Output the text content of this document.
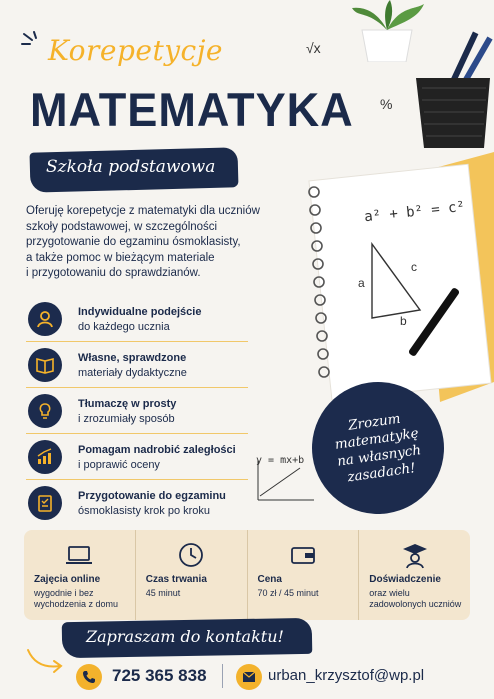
a² + b² = c²
a
c
b
√x
%
y = mx+b
Zrozum
matematykę
na własnych
zasadach!
Korepetycje
MATEMATYKA
Szkoła podstawowa

Oferuję korepetycje z matematyki dla uczniów

szkoły podstawowej, w szczególności

przygotowanie do egzaminu ósmoklasisty,

a także pomoc w bieżącym materiale

i przygotowaniu do sprawdzianów.

Indywidualne podejście
do każdego ucznia
Własne, sprawdzone
materiały dydaktyczne
Tłumaczę w prosty
i zrozumiały sposób
Pomagam nadrobić zaległości
i poprawić oceny
Przygotowanie do egzaminu
ósmoklasisty krok po kroku
Zajęcia online
wygodnie i bez
wychodzenia z domu
Czas trwania
45 minut
Cena
70 zł / 45 minut
Doświadczenie
oraz wielu
zadowolonych uczniów
Zapraszam do kontaktu!
725 365 838	urban_krzysztof@wp.pl
